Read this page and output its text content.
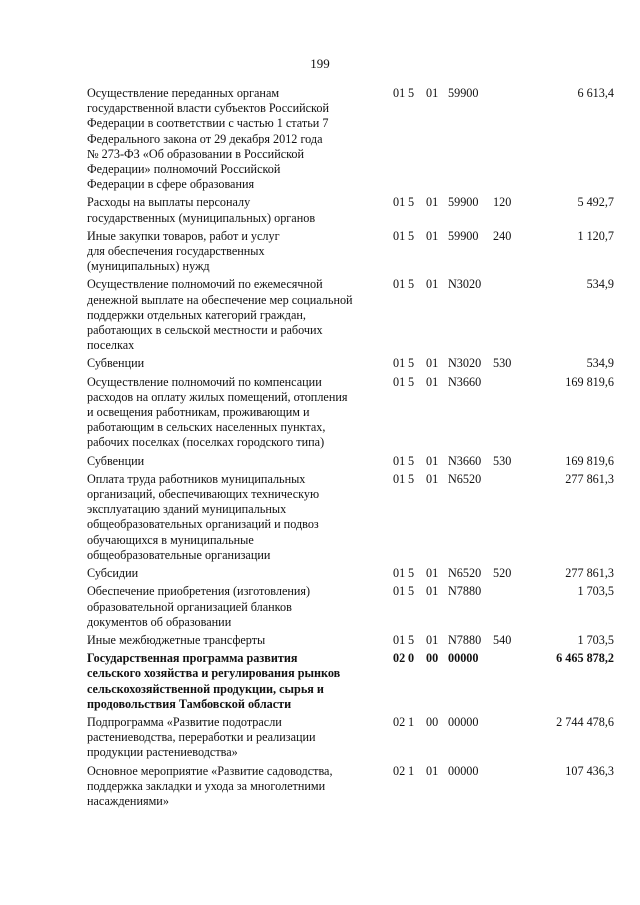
199
Осуществление переданных органам
государственной власти субъектов Российской
Федерации в соответствии с частью 1 статьи 7
Федерального закона от 29 декабря 2012 года
№ 273-ФЗ «Об образовании в Российской
Федерации» полномочий Российской
Федерации в сфере образования
01 5 01 59900	6 613,4
Расходы на выплаты персоналу
государственных (муниципальных) органов
01 5 01 59900 120	5 492,7
Иные закупки товаров, работ и услуг
для обеспечения государственных
(муниципальных) нужд
01 5 01 59900 240	1 120,7
Осуществление полномочий по ежемесячной
денежной выплате на обеспечение мер социальной
поддержки отдельных категорий граждан,
работающих в сельской местности и рабочих
поселках
01 5 01 N3020	534,9
Субвенции	01 5 01 N3020 530	534,9
Осуществление полномочий по компенсации
расходов на оплату жилых помещений, отопления
и освещения работникам, проживающим и
работающим в сельских населенных пунктах,
рабочих поселках (поселках городского типа)
01 5 01 N3660	169 819,6
Субвенции	01 5 01 N3660 530	169 819,6
Оплата труда работников муниципальных
организаций, обеспечивающих техническую
эксплуатацию зданий муниципальных
общеобразовательных организаций и подвоз
обучающихся в муниципальные
общеобразовательные организации
01 5 01 N6520	277 861,3
Субсидии	01 5 01 N6520 520	277 861,3
Обеспечение приобретения (изготовления)
образовательной организацией бланков
документов об образовании
01 5 01 N7880	1 703,5
Иные межбюджетные трансферты	01 5 01 N7880 540	1 703,5
Государственная программа развития
сельского хозяйства и регулирования рынков
сельскохозяйственной продукции, сырья и
продовольствия Тамбовской области
02 0 00 00000	6 465 878,2
Подпрограмма «Развитие подотрасли
растениеводства, переработки и реализации
продукции растениеводства»
02 1 00 00000	2 744 478,6
Основное мероприятие «Развитие садоводства,
поддержка закладки и ухода за многолетними
насаждениями»
02 1 01 00000	107 436,3
